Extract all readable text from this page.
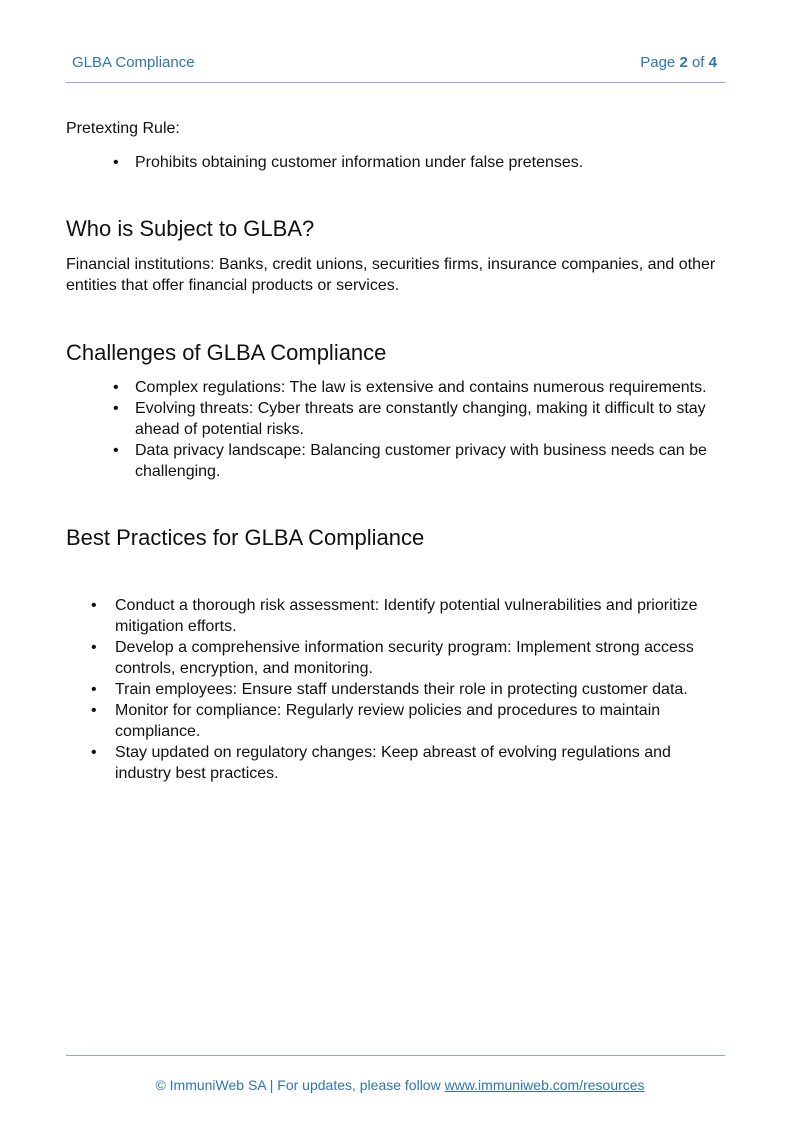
GLBA Compliance	Page 2 of 4
Pretexting Rule:
• Prohibits obtaining customer information under false pretenses.
Who is Subject to GLBA?

Financial institutions: Banks, credit unions, securities firms, insurance companies, and other entities that offer financial products or services.

Challenges of GLBA Compliance
• Complex regulations: The law is extensive and contains numerous requirements.
• Evolving threats: Cyber threats are constantly changing, making it difficult to stay ahead of potential risks.
• Data privacy landscape: Balancing customer privacy with business needs can be challenging.
Best Practices for GLBA Compliance
• Conduct a thorough risk assessment: Identify potential vulnerabilities and prioritize mitigation efforts.
• Develop a comprehensive information security program: Implement strong access controls, encryption, and monitoring.
• Train employees: Ensure staff understands their role in protecting customer data.
• Monitor for compliance: Regularly review policies and procedures to maintain compliance.
• Stay updated on regulatory changes: Keep abreast of evolving regulations and industry best practices.
© ImmuniWeb SA | For updates, please follow www.immuniweb.com/resources
